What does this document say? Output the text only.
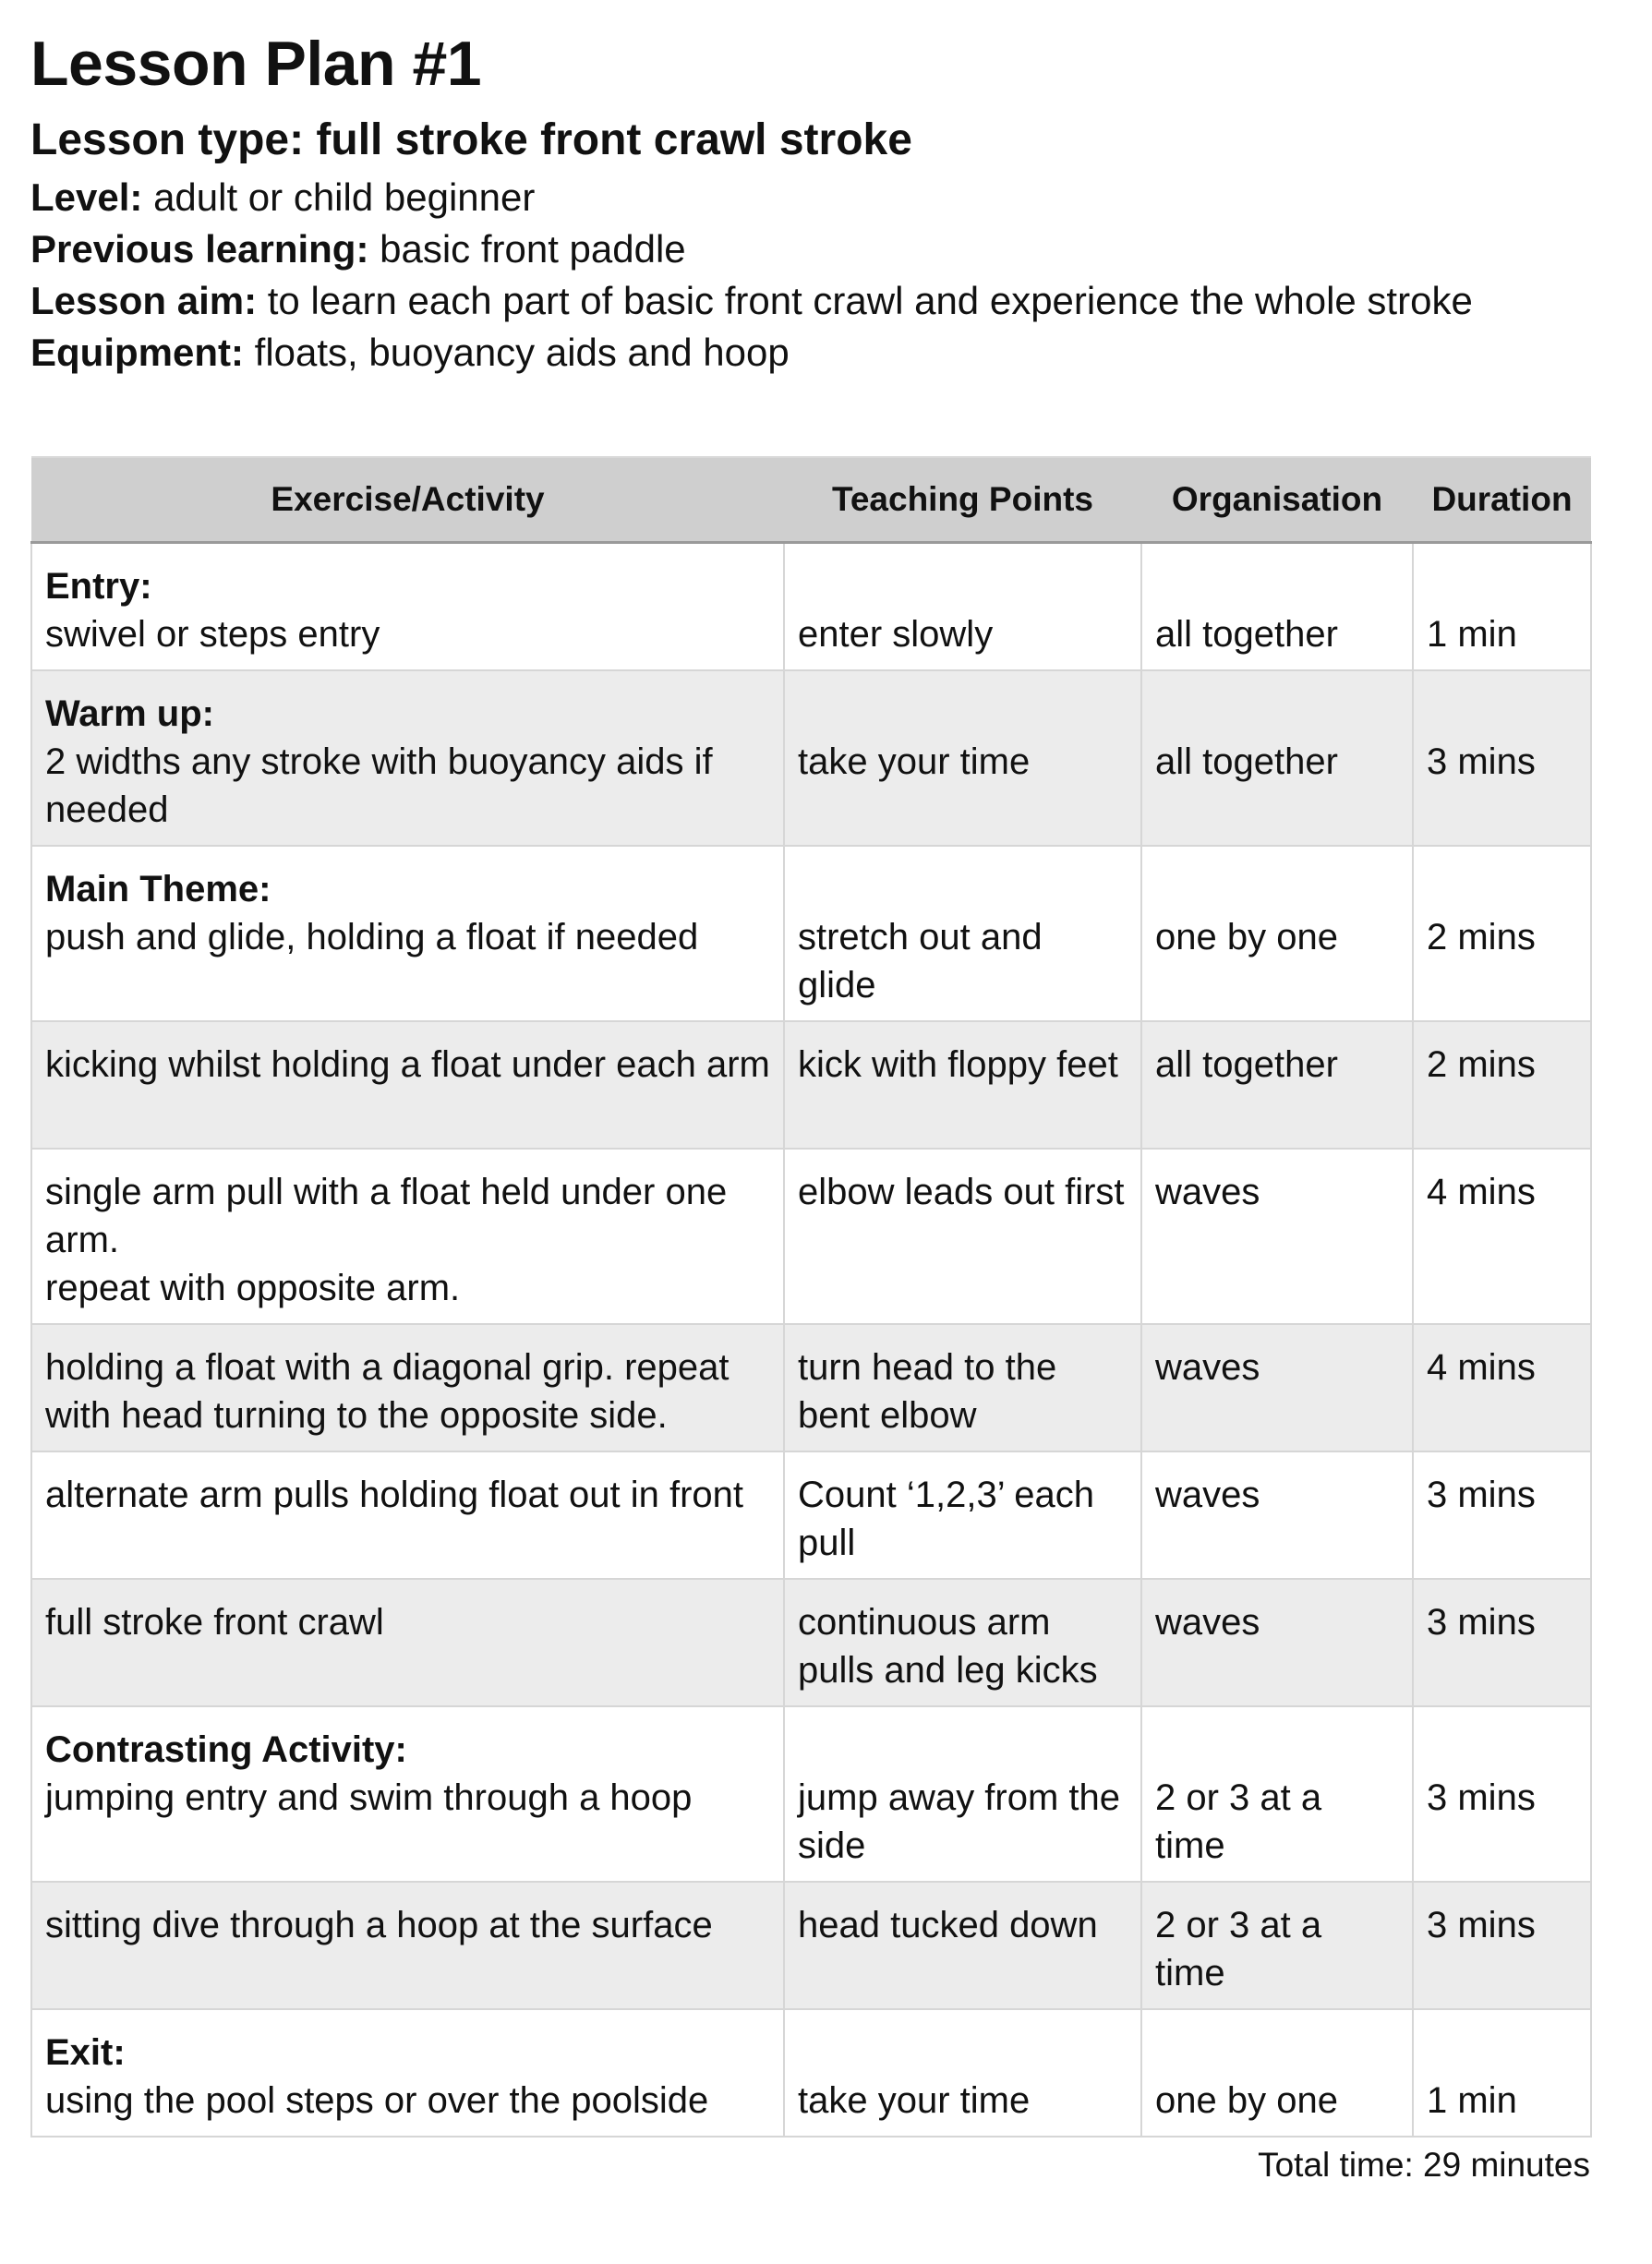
Lesson Plan #1
Lesson type: full stroke front crawl stroke
Level: adult or child beginner
Previous learning: basic front paddle
Lesson aim: to learn each part of basic front crawl and experience the whole stroke
Equipment: floats, buoyancy aids and hoop
Exercise/Activity	Teaching Points	Organisation	Duration

Entry:
swivel or steps entry	enter slowly	all together	1 min

Warm up:
2 widths any stroke with buoyancy aids if needed	take your time	all together	3 mins

Main Theme:
push and glide, holding a float if needed	stretch out and glide	one by one	2 mins

kicking whilst holding a float under each arm	kick with floppy feet	all together	2 mins

single arm pull with a float held under one arm.
repeat with opposite arm.	elbow leads out first	waves	4 mins

holding a float with a diagonal grip. repeat with head turning to the opposite side.	turn head to the bent elbow	waves	4 mins

alternate arm pulls holding float out in front	Count ‘1,2,3’ each pull	waves	3 mins

full stroke front crawl	continuous arm pulls and leg kicks	waves	3 mins

Contrasting Activity:
jumping entry and swim through a hoop	jump away from the side	2 or 3 at a time	3 mins

sitting dive through a hoop at the surface	head tucked down	2 or 3 at a time	3 mins

Exit:
using the pool steps or over the poolside	take your time	one by one	1 min
Total time: 29 minutes
